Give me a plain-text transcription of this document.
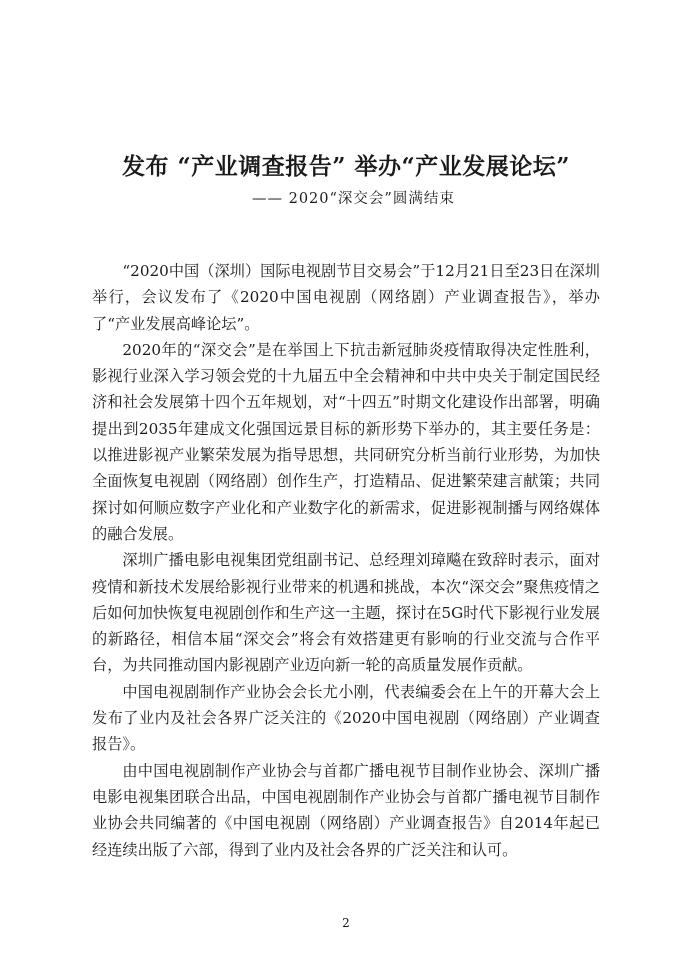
发布 “产业调查报告” 举办“产业发展论坛”
—— 2020“深交会”圆满结束

“2020中国（深圳）国际电视剧节目交易会”于12月21日至23日在深圳举行，会议发布了《2020中国电视剧（网络剧）产业调查报告》，举办了“产业发展高峰论坛”。

2020年的“深交会”是在举国上下抗击新冠肺炎疫情取得决定性胜利，影视行业深入学习领会党的十九届五中全会精神和中共中央关于制定国民经济和社会发展第十四个五年规划，对“十四五”时期文化建设作出部署，明确提出到2035年建成文化强国远景目标的新形势下举办的，其主要任务是：以推进影视产业繁荣发展为指导思想，共同研究分析当前行业形势，为加快全面恢复电视剧（网络剧）创作生产，打造精品、促进繁荣建言献策；共同探讨如何顺应数字产业化和产业数字化的新需求，促进影视制播与网络媒体的融合发展。

深圳广播电影电视集团党组副书记、总经理刘璋飚在致辞时表示，面对疫情和新技术发展给影视行业带来的机遇和挑战，本次“深交会”聚焦疫情之后如何加快恢复电视剧创作和生产这一主题，探讨在5G时代下影视行业发展的新路径，相信本届“深交会”将会有效搭建更有影响的行业交流与合作平台，为共同推动国内影视剧产业迈向新一轮的高质量发展作贡献。

中国电视剧制作产业协会会长尤小刚，代表编委会在上午的开幕大会上发布了业内及社会各界广泛关注的《2020中国电视剧（网络剧）产业调查报告》。

由中国电视剧制作产业协会与首都广播电视节目制作业协会、深圳广播电影电视集团联合出品，中国电视剧制作产业协会与首都广播电视节目制作业协会共同编著的《中国电视剧（网络剧）产业调查报告》自2014年起已经连续出版了六部，得到了业内及社会各界的广泛关注和认可。

2
